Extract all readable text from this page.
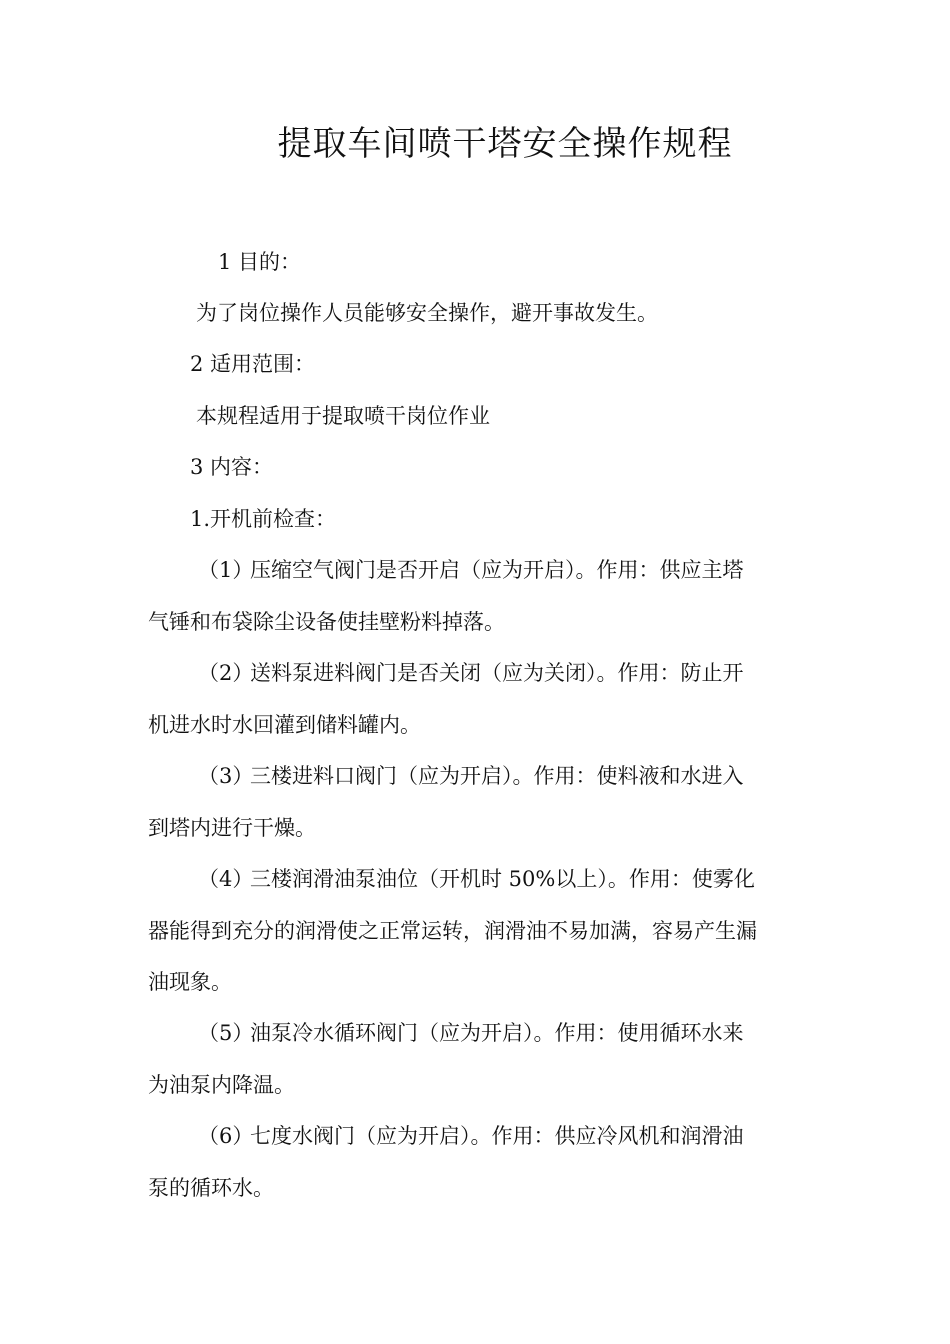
提取车间喷干塔安全操作规程
1 目的：
为了岗位操作人员能够安全操作，避开事故发生。
2 适用范围：
本规程适用于提取喷干岗位作业
3 内容：
1.开机前检查：
（1）压缩空气阀门是否开启（应为开启）。作用：供应主塔
气锤和布袋除尘设备使挂壁粉料掉落。
（2）送料泵进料阀门是否关闭（应为关闭）。作用：防止开
机进水时水回灌到储料罐内。
（3）三楼进料口阀门（应为开启）。作用：使料液和水进入
到塔内进行干燥。
（4）三楼润滑油泵油位（开机时 50%以上）。作用：使雾化
器能得到充分的润滑使之正常运转，润滑油不易加满，容易产生漏
油现象。
（5）油泵冷水循环阀门（应为开启）。作用：使用循环水来
为油泵内降温。
（6）七度水阀门（应为开启）。作用：供应冷风机和润滑油
泵的循环水。
